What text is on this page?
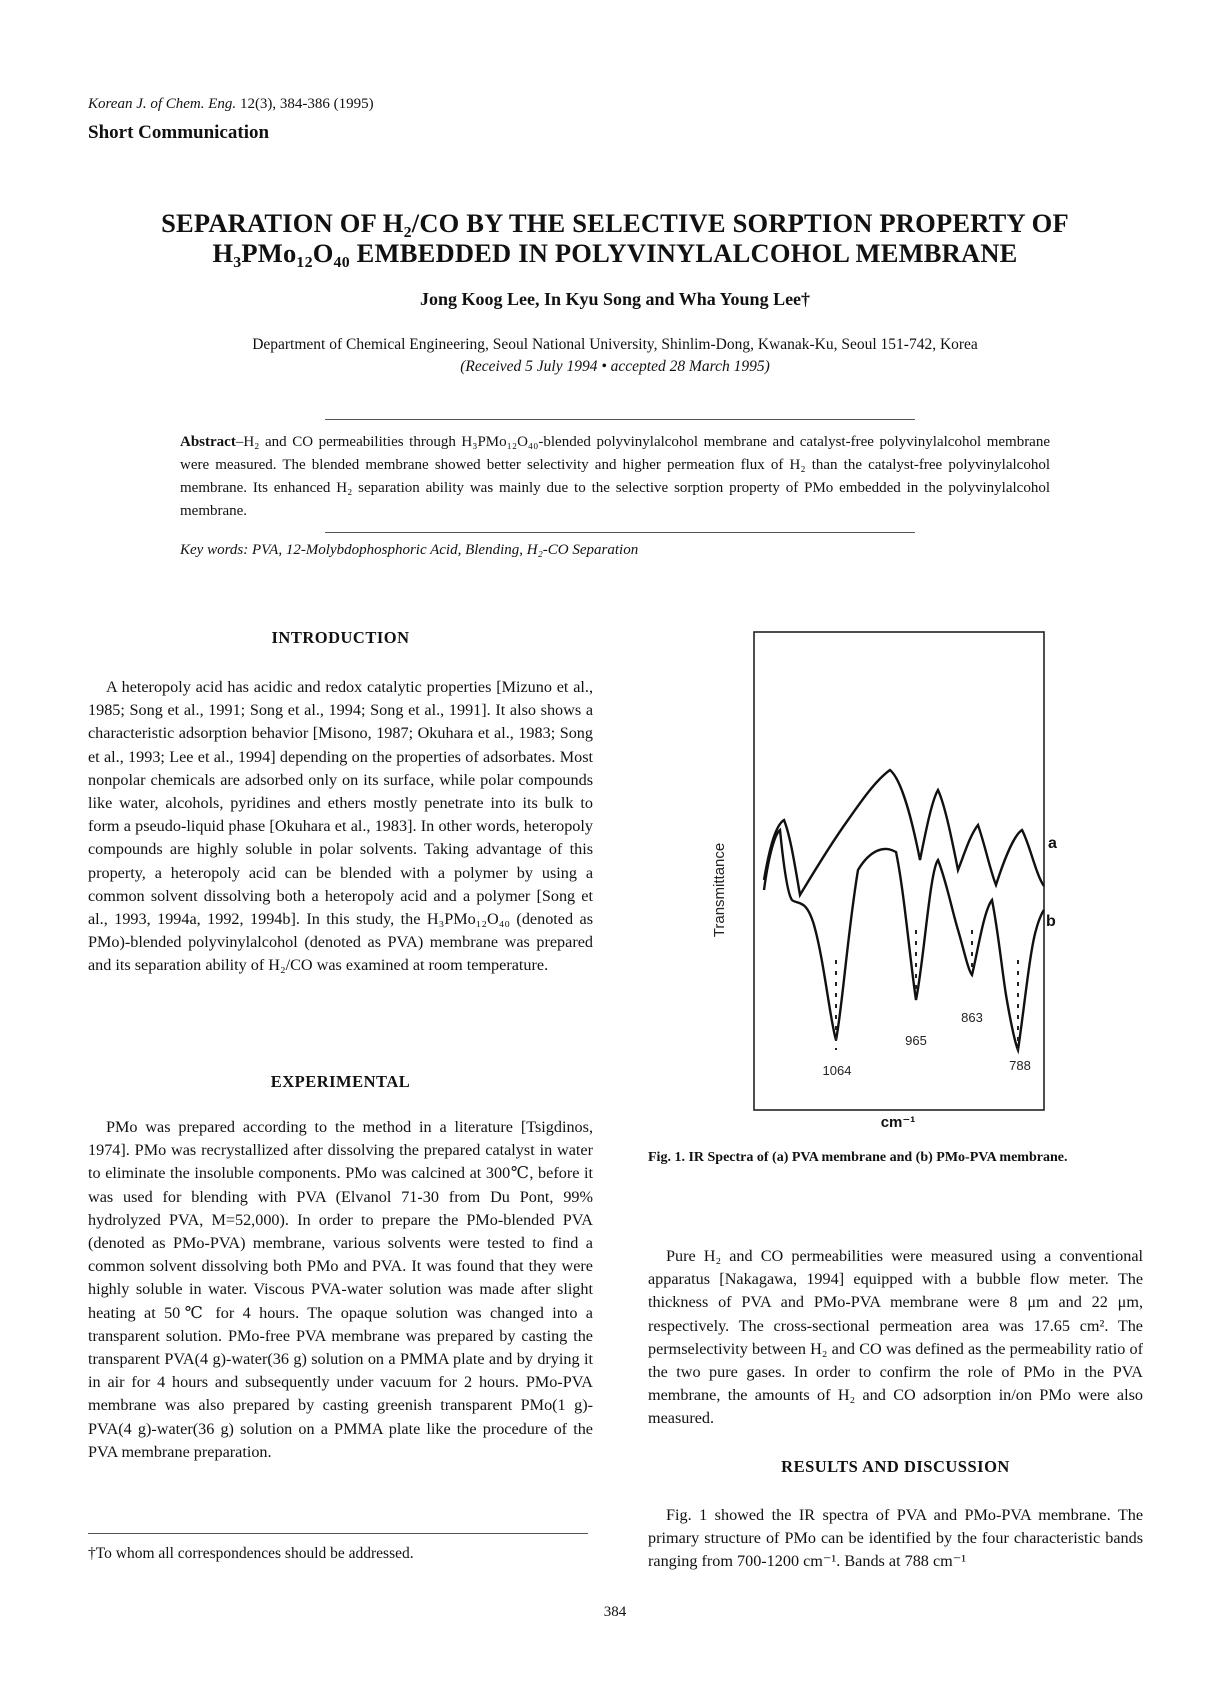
Korean J. of Chem. Eng. 12(3), 384-386 (1995)
Short Communication
SEPARATION OF H₂/CO BY THE SELECTIVE SORPTION PROPERTY OF
H₃PMo₁₂O₄₀ EMBEDDED IN POLYVINYLALCOHOL MEMBRANE
Jong Koog Lee, In Kyu Song and Wha Young Lee†
Department of Chemical Engineering, Seoul National University, Shinlim-Dong, Kwanak-Ku, Seoul 151-742, Korea
(Received 5 July 1994 • accepted 28 March 1995)
Abstract–H₂ and CO permeabilities through H₃PMo₁₂O₄₀-blended polyvinylalcohol membrane and catalyst-free polyvinylalcohol membrane were measured. The blended membrane showed better selectivity and higher permeation flux of H₂ than the catalyst-free polyvinylalcohol membrane. Its enhanced H₂ separation ability was mainly due to the selective sorption property of PMo embedded in the polyvinylalcohol membrane.
Key words: PVA, 12-Molybdophosphoric Acid, Blending, H₂-CO Separation
INTRODUCTION

A heteropoly acid has acidic and redox catalytic properties [Mizuno et al., 1985; Song et al., 1991; Song et al., 1994; Song et al., 1991]. It also shows a characteristic adsorption behavior [Misono, 1987; Okuhara et al., 1983; Song et al., 1993; Lee et al., 1994] depending on the properties of adsorbates. Most nonpolar chemicals are adsorbed only on its surface, while polar compounds like water, alcohols, pyridines and ethers mostly penetrate into its bulk to form a pseudo-liquid phase [Okuhara et al., 1983]. In other words, heteropoly compounds are highly soluble in polar solvents. Taking advantage of this property, a heteropoly acid can be blended with a polymer by using a common solvent dissolving both a heteropoly acid and a polymer [Song et al., 1993, 1994a, 1992, 1994b]. In this study, the H₃PMo₁₂O₄₀ (denoted as PMo)-blended polyvinylalcohol (denoted as PVA) membrane was prepared and its separation ability of H₂/CO was examined at room temperature.

EXPERIMENTAL

PMo was prepared according to the method in a literature [Tsigdinos, 1974]. PMo was recrystallized after dissolving the prepared catalyst in water to eliminate the insoluble components. PMo was calcined at 300℃, before it was used for blending with PVA (Elvanol 71-30 from Du Pont, 99% hydrolyzed PVA, M=52,000). In order to prepare the PMo-blended PVA (denoted as PMo-PVA) membrane, various solvents were tested to find a common solvent dissolving both PMo and PVA. It was found that they were highly soluble in water. Viscous PVA-water solution was made after slight heating at 50℃ for 4 hours. The opaque solution was changed into a transparent solution. PMo-free PVA membrane was prepared by casting the transparent PVA(4 g)-water(36 g) solution on a PMMA plate and by drying it in air for 4 hours and subsequently under vacuum for 2 hours. PMo-PVA membrane was also prepared by casting greenish transparent PMo(1 g)-PVA(4 g)-water(36 g) solution on a PMMA plate like the procedure of the PVA membrane preparation.

†To whom all correspondences should be addressed.
Transmittance	a
b
1064
965
863
788
cm⁻¹
Fig. 1. IR Spectra of (a) PVA membrane and (b) PMo-PVA membrane.

Pure H₂ and CO permeabilities were measured using a conventional apparatus [Nakagawa, 1994] equipped with a bubble flow meter. The thickness of PVA and PMo-PVA membrane were 8 μm and 22 μm, respectively. The cross-sectional permeation area was 17.65 cm². The permselectivity between H₂ and CO was defined as the permeability ratio of the two pure gases. In order to confirm the role of PMo in the PVA membrane, the amounts of H₂ and CO adsorption in/on PMo were also measured.

RESULTS AND DISCUSSION

Fig. 1 showed the IR spectra of PVA and PMo-PVA membrane. The primary structure of PMo can be identified by the four characteristic bands ranging from 700-1200 cm⁻¹. Bands at 788 cm⁻¹

384
